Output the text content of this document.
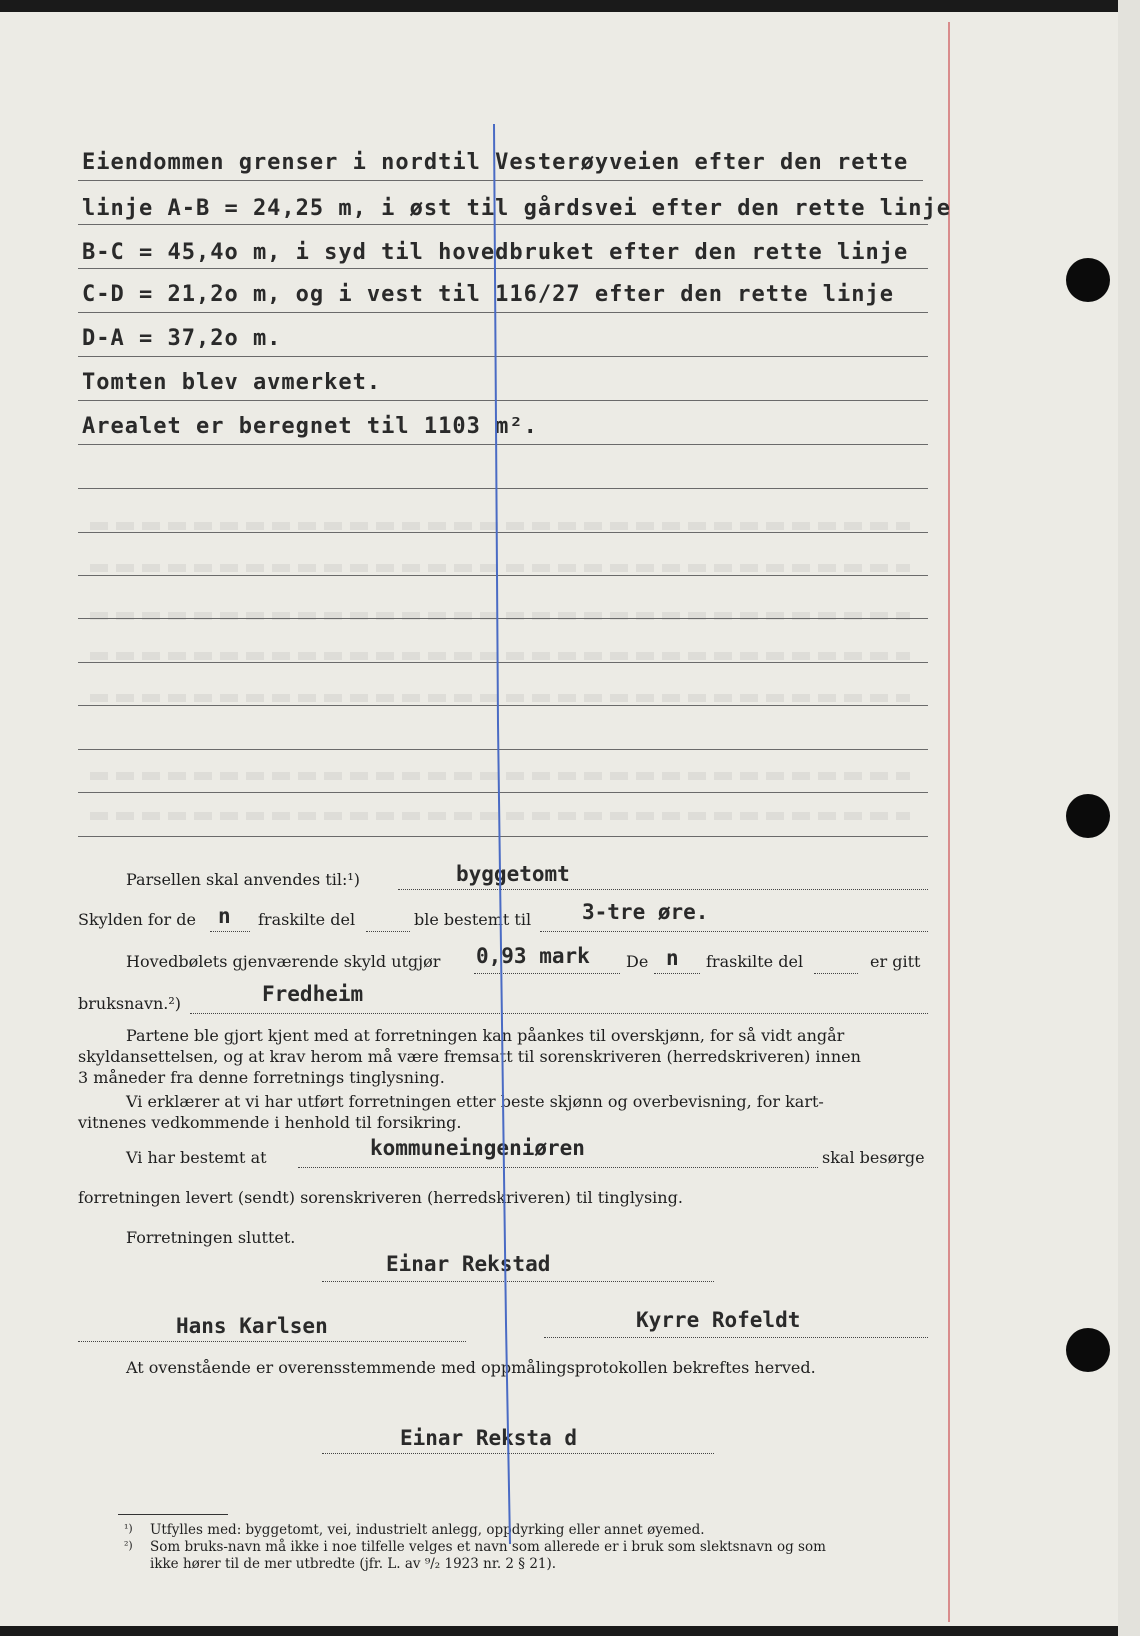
Eiendommen grenser i nordtil Vesterøyveien efter den rette
linje A-B = 24,25 m, i øst til gårdsvei efter den rette linje
B-C = 45,4o m, i syd til hovedbruket efter den rette linje
C-D = 21,2o m, og i vest til 116/27 efter den rette linje
D-A = 37,2o m.
Tomten blev avmerket.
Arealet er beregnet til 1103 m².
Parsellen skal anvendes til:¹)	byggetomt
Skylden for de n fraskilte del	ble bestemt til 3-tre øre.
Hovedbølets gjenværende skyld utgjør 0,93 mark De n fraskilte del	er gitt
bruksnavn.²)	Fredheim
Partene ble gjort kjent med at forretningen kan påankes til overskjønn, for så vidt angår
skyldansettelsen, og at krav herom må være fremsatt til sorenskriveren (herredskriveren) innen
3 måneder fra denne forretnings tinglysning.
Vi erklærer at vi har utført forretningen etter beste skjønn og overbevisning, for kart-
vitnenes vedkommende i henhold til forsikring.
Vi har bestemt at	kommuneingeniøren	skal besørge
forretningen levert (sendt) sorenskriveren (herredskriveren) til tinglysing.
Forretningen sluttet.
Einar Rekstad
Hans Karlsen	Kyrre Rofeldt
At ovenstående er overensstemmende med oppmålingsprotokollen bekreftes herved.
Einar Reksta d
¹) Utfylles med: byggetomt, vei, industrielt anlegg, oppdyrking eller annet øyemed.
²) Som bruks-navn må ikke i noe tilfelle velges et navn som allerede er i bruk som slektsnavn og som
ikke hører til de mer utbredte (jfr. L. av ⁹/₂ 1923 nr. 2 § 21).
